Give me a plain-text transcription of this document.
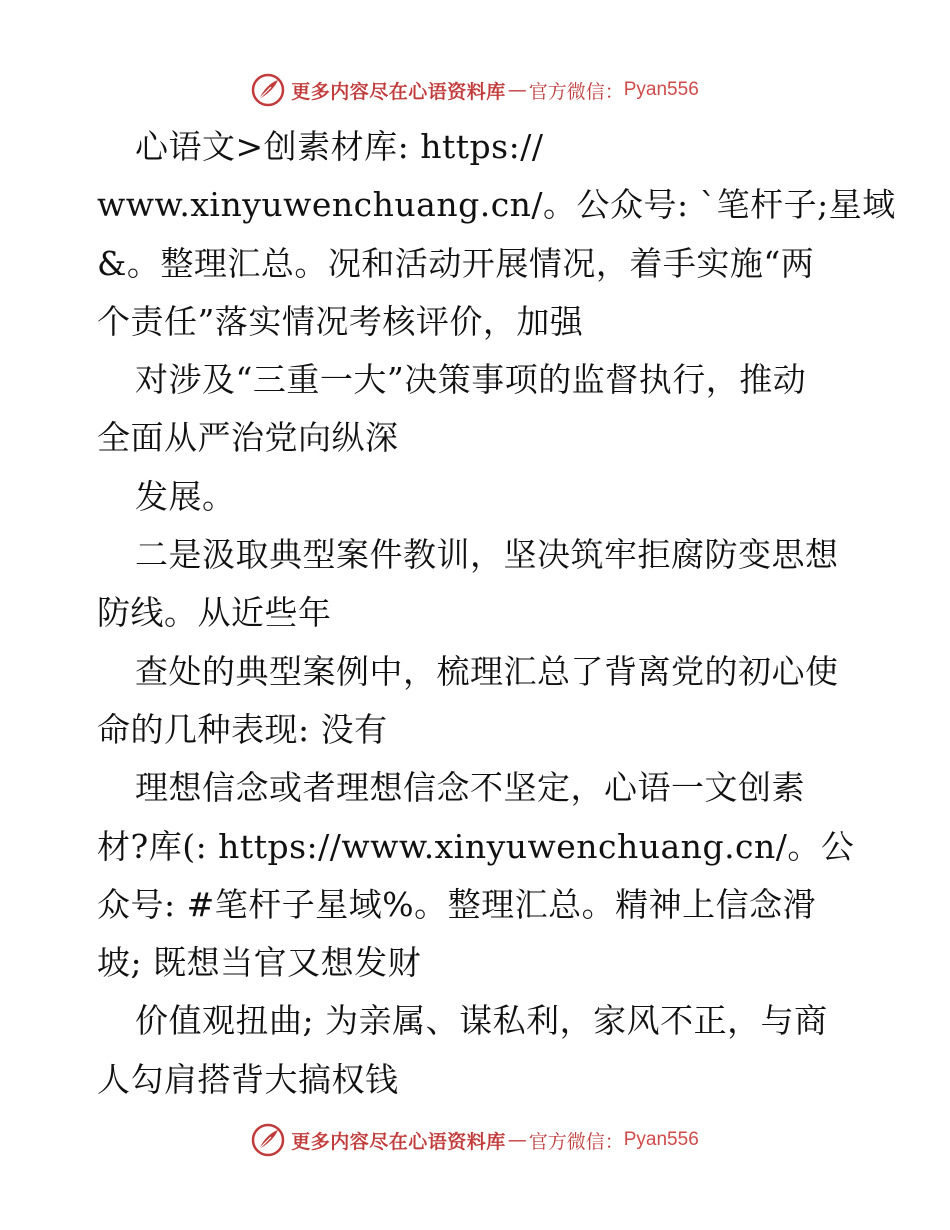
更多内容尽在心语资料库 — 官方微信： Pyan556
心语文>创素材库: https://
www.xinyuwenchuang.cn/。公众号: `笔杆子;星域
&。整理汇总。况和活动开展情况，着手实施“两
个责任”落实情况考核评价，加强
对涉及“三重一大”决策事项的监督执行，推动
全面从严治党向纵深
发展。
二是汲取典型案件教训，坚决筑牢拒腐防变思想
防线。从近些年
查处的典型案例中，梳理汇总了背离党的初心使
命的几种表现: 没有
理想信念或者理想信念不坚定，心语一文创素
材?库(: https://www.xinyuwenchuang.cn/。公
众号: #笔杆子星域%。整理汇总。精神上信念滑
坡; 既想当官又想发财
价值观扭曲; 为亲属、谋私利，家风不正，与商
人勾肩搭背大搞权钱
更多内容尽在心语资料库 — 官方微信： Pyan556
